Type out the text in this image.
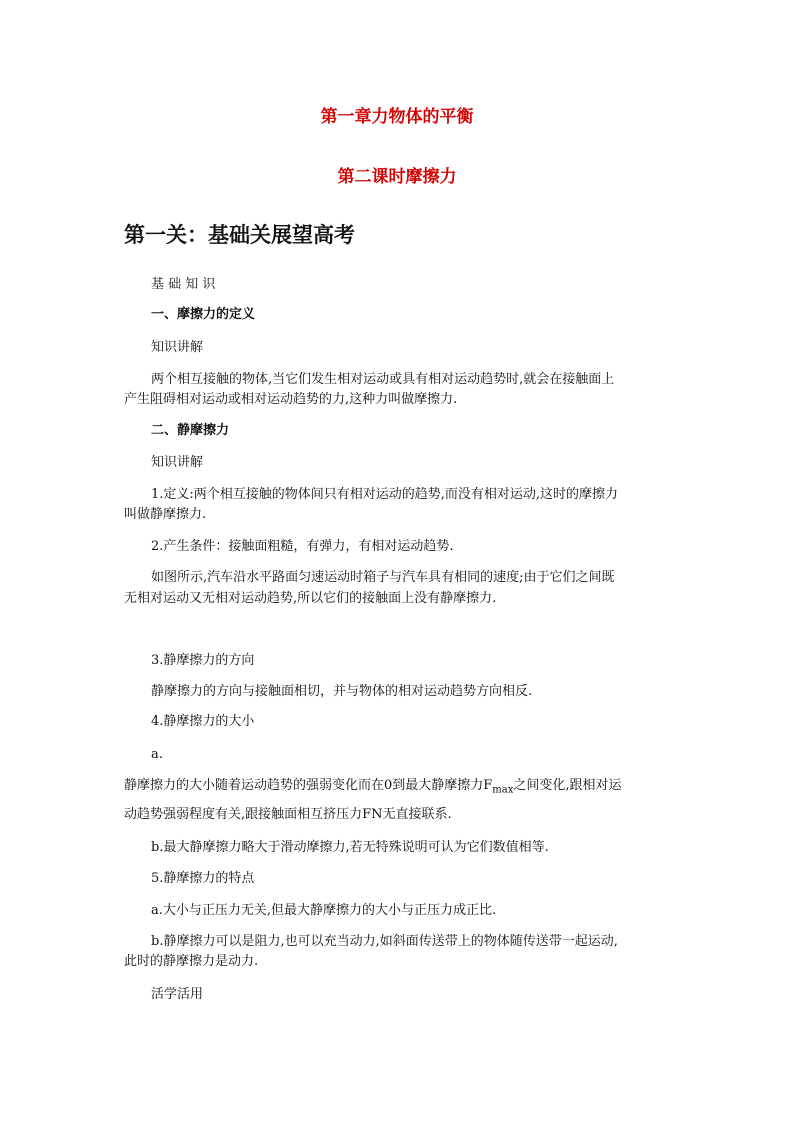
第一章力物体的平衡
第二课时摩擦力
第一关：基础关展望高考
基 础 知 识
一、摩擦力的定义
知识讲解
两个相互接触的物体,当它们发生相对运动或具有相对运动趋势时,就会在接触面上
产生阻碍相对运动或相对运动趋势的力,这种力叫做摩擦力.
二、静摩擦力
知识讲解
1.定义:两个相互接触的物体间只有相对运动的趋势,而没有相对运动,这时的摩擦力
叫做静摩擦力.
2.产生条件：接触面粗糙，有弹力，有相对运动趋势.
如图所示,汽车沿水平路面匀速运动时箱子与汽车具有相同的速度;由于它们之间既
无相对运动又无相对运动趋势,所以它们的接触面上没有静摩擦力.
3.静摩擦力的方向
静摩擦力的方向与接触面相切，并与物体的相对运动趋势方向相反.
4.静摩擦力的大小
a.
静摩擦力的大小随着运动趋势的强弱变化而在0到最大静摩擦力$F_{max}$之间变化,跟相对运
动趋势强弱程度有关,跟接触面相互挤压力FN无直接联系.
b.最大静摩擦力略大于滑动摩擦力,若无特殊说明可认为它们数值相等.
5.静摩擦力的特点
a.大小与正压力无关,但最大静摩擦力的大小与正压力成正比.
b.静摩擦力可以是阻力,也可以充当动力,如斜面传送带上的物体随传送带一起运动,
此时的静摩擦力是动力.
活学活用
